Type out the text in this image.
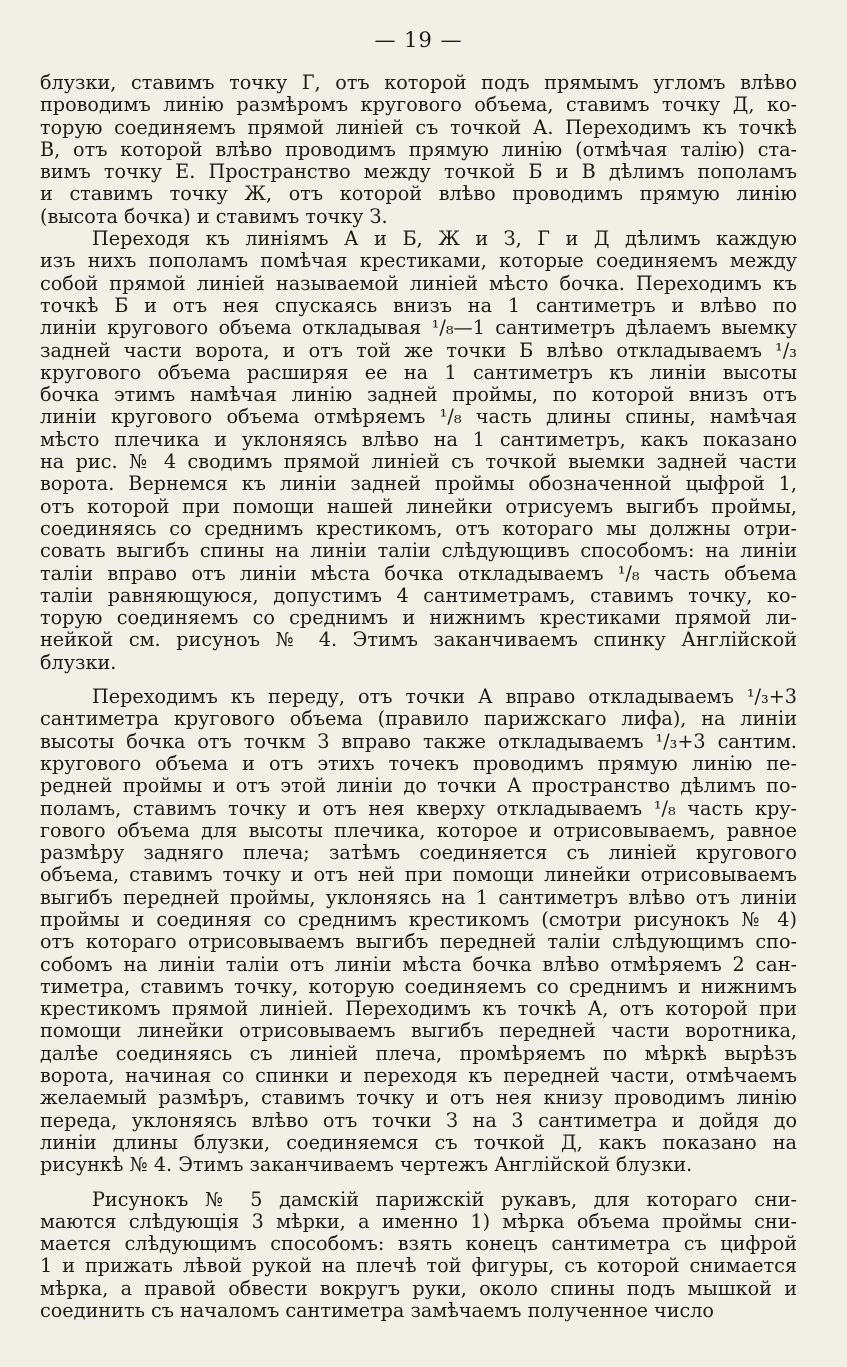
— 19 —
блузки, ставимъ точку Г, отъ которой подъ прямымъ угломъ влѣво
проводимъ линію размѣромъ кругового объема, ставимъ точку Д, ко-
торую соединяемъ прямой линіей съ точкой А. Переходимъ къ точкѣ
В, отъ которой влѣво проводимъ прямую линію (отмѣчая талію) ста-
вимъ точку Е. Пространство между точкой Б и В дѣлимъ пополамъ
и ставимъ точку Ж, отъ которой влѣво проводимъ прямую линію
(высота бочка) и ставимъ точку З.
Переходя къ линіямъ А и Б, Ж и З, Г и Д дѣлимъ каждую
изъ нихъ пополамъ помѣчая крестиками, которые соединяемъ между
собой прямой линіей называемой линіей мѣсто бочка. Переходимъ къ
точкѣ Б и отъ нея спускаясь внизъ на 1 сантиметръ и влѣво по
линіи кругового объема откладывая ¹/₈—1 сантиметръ дѣлаемъ выемку
задней части ворота, и отъ той же точки Б влѣво откладываемъ ¹/₃
кругового объема расширяя ее на 1 сантиметръ къ линіи высоты
бочка этимъ намѣчая линію задней проймы, по которой внизъ отъ
линіи кругового объема отмѣряемъ ¹/₈ часть длины спины, намѣчая
мѣсто плечика и уклоняясь влѣво на 1 сантиметръ, какъ показано
на рис. № 4 сводимъ прямой линіей съ точкой выемки задней части
ворота. Вернемся къ линіи задней проймы обозначенной цыфрой 1,
отъ которой при помощи нашей линейки отрисуемъ выгибъ проймы,
соединяясь со среднимъ крестикомъ, отъ котораго мы должны отри-
совать выгибъ спины на линіи таліи слѣдующивъ способомъ: на линіи
таліи вправо отъ линіи мѣста бочка откладываемъ ¹/₈ часть объема
таліи равняющуюся, допустимъ 4 сантиметрамъ, ставимъ точку, ко-
торую соединяемъ со среднимъ и нижнимъ крестиками прямой ли-
нейкой см. рисуноъ № 4. Этимъ заканчиваемъ спинку Англійской
блузки.
Переходимъ къ переду, отъ точки А вправо откладываемъ ¹/₃+3
сантиметра кругового объема (правило парижскаго лифа), на линіи
высоты бочка отъ точкм З вправо также откладываемъ ¹/₃+3 сантим.
кругового объема и отъ этихъ точекъ проводимъ прямую линію пе-
редней проймы и отъ этой линіи до точки А пространство дѣлимъ по-
поламъ, ставимъ точку и отъ нея кверху откладываемъ ¹/₈ часть кру-
гового объема для высоты плечика, которое и отрисовываемъ, равное
размѣру задняго плеча; затѣмъ соединяется съ линіей кругового
объема, ставимъ точку и отъ ней при помощи линейки отрисовываемъ
выгибъ передней проймы, уклоняясь на 1 сантиметръ влѣво отъ линіи
проймы и соединяя со среднимъ крестикомъ (смотри рисунокъ № 4)
отъ котораго отрисовываемъ выгибъ передней таліи слѣдующимъ спо-
собомъ на линіи таліи отъ линіи мѣста бочка влѣво отмѣряемъ 2 сан-
тиметра, ставимъ точку, которую соединяемъ со среднимъ и нижнимъ
крестикомъ прямой линіей. Переходимъ къ точкѣ А, отъ которой при
помощи линейки отрисовываемъ выгибъ передней части воротника,
далѣе соединяясь съ линіей плеча, промѣряемъ по мѣркѣ вырѣзъ
ворота, начиная со спинки и переходя къ передней части, отмѣчаемъ
желаемый размѣръ, ставимъ точку и отъ нея книзу проводимъ линію
переда, уклоняясь влѣво отъ точки З на 3 сантиметра и дойдя до
линіи длины блузки, соединяемся съ точкой Д, какъ показано на
рисункѣ № 4. Этимъ заканчиваемъ чертежъ Англійской блузки.
Рисунокъ № 5 дамскій парижскій рукавъ, для котораго сни-
маются слѣдующія 3 мѣрки, а именно 1) мѣрка объема проймы сни-
мается слѣдующимъ способомъ: взять конецъ сантиметра съ цифрой
1 и прижать лѣвой рукой на плечѣ той фигуры, съ которой снимается
мѣрка, а правой обвести вокругъ руки, около спины подъ мышкой и
соединить съ началомъ сантиметра замѣчаемъ полученное число
